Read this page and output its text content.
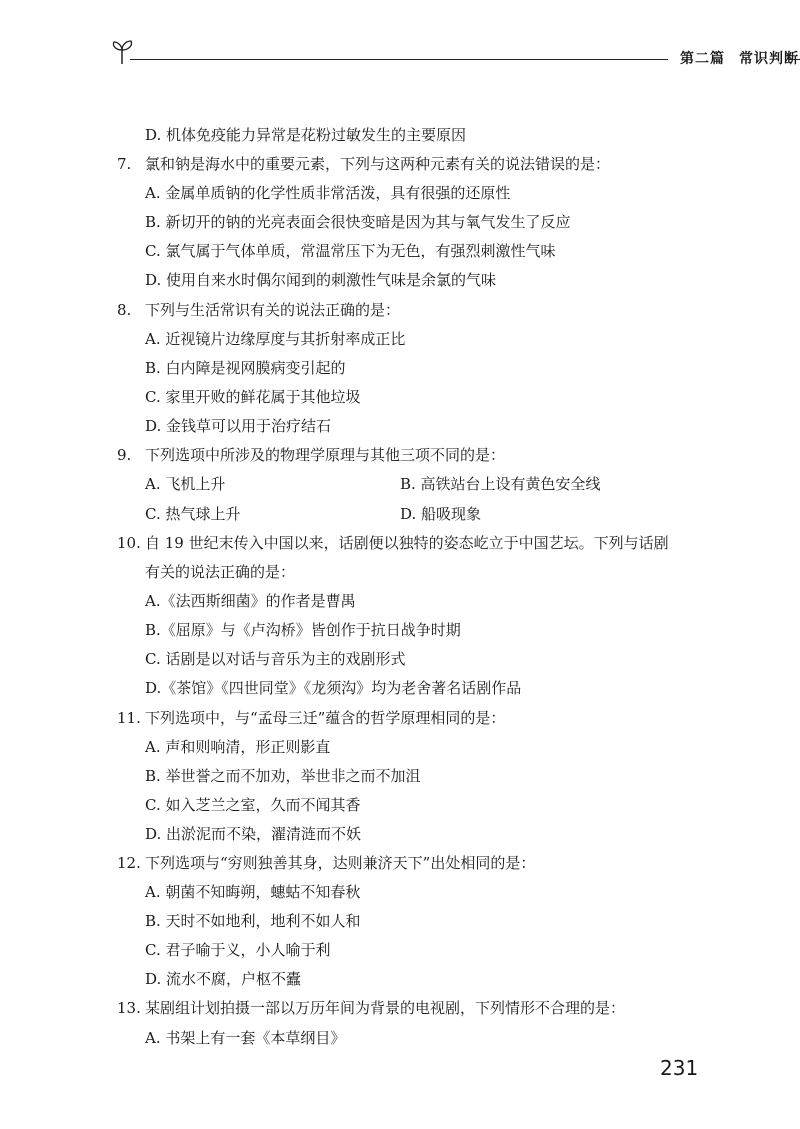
第二篇 常识判断
D. 机体免疫能力异常是花粉过敏发生的主要原因
7. 氯和钠是海水中的重要元素，下列与这两种元素有关的说法错误的是：
A. 金属单质钠的化学性质非常活泼，具有很强的还原性
B. 新切开的钠的光亮表面会很快变暗是因为其与氧气发生了反应
C. 氯气属于气体单质，常温常压下为无色，有强烈刺激性气味
D. 使用自来水时偶尔闻到的刺激性气味是余氯的气味
8. 下列与生活常识有关的说法正确的是：
A. 近视镜片边缘厚度与其折射率成正比
B. 白内障是视网膜病变引起的
C. 家里开败的鲜花属于其他垃圾
D. 金钱草可以用于治疗结石
9. 下列选项中所涉及的物理学原理与其他三项不同的是：
A. 飞机上升	B. 高铁站台上设有黄色安全线
C. 热气球上升	D. 船吸现象
10. 自 19 世纪末传入中国以来，话剧便以独特的姿态屹立于中国艺坛。下列与话剧
有关的说法正确的是：
A.《法西斯细菌》的作者是曹禺
B.《屈原》与《卢沟桥》皆创作于抗日战争时期
C. 话剧是以对话与音乐为主的戏剧形式
D.《茶馆》《四世同堂》《龙须沟》均为老舍著名话剧作品
11. 下列选项中，与“孟母三迁”蕴含的哲学原理相同的是：
A. 声和则响清，形正则影直
B. 举世誉之而不加劝，举世非之而不加沮
C. 如入芝兰之室，久而不闻其香
D. 出淤泥而不染，濯清涟而不妖
12. 下列选项与“穷则独善其身，达则兼济天下”出处相同的是：
A. 朝菌不知晦朔，蟪蛄不知春秋
B. 天时不如地利，地利不如人和
C. 君子喻于义，小人喻于利
D. 流水不腐，户枢不蠹
13. 某剧组计划拍摄一部以万历年间为背景的电视剧，下列情形不合理的是：
A. 书架上有一套《本草纲目》
231
